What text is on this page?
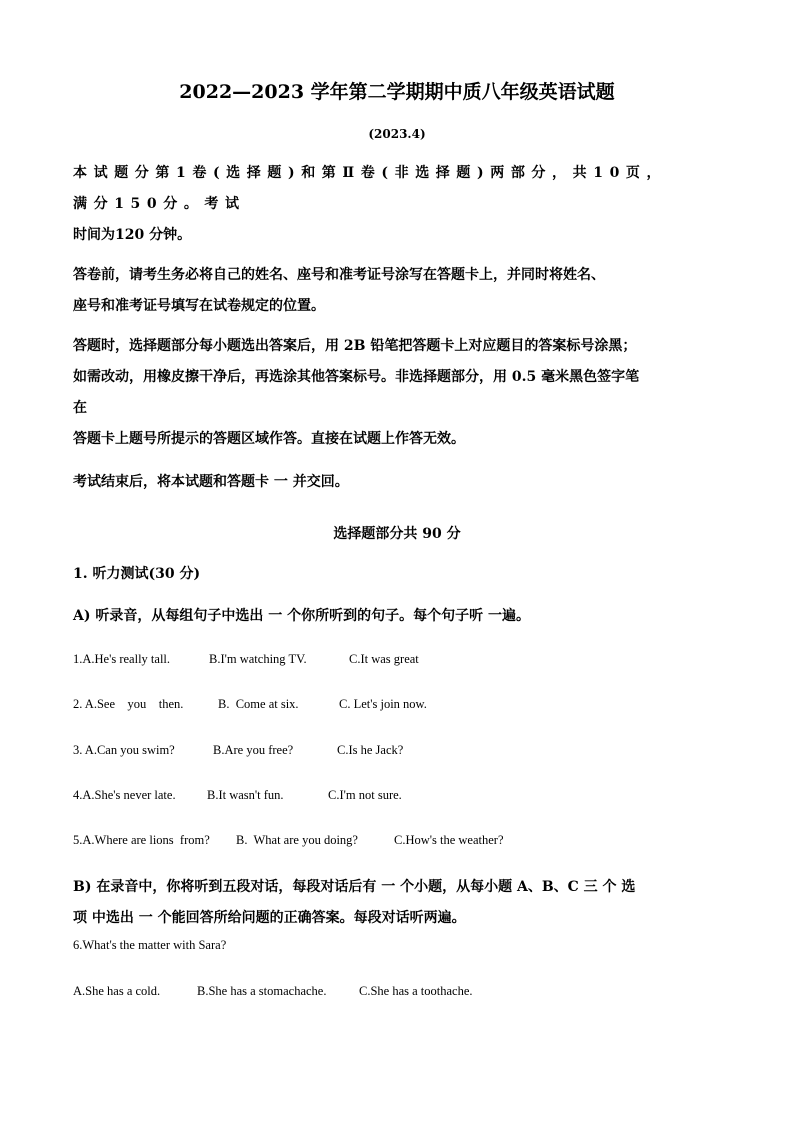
2022—2023 学年第二学期期中质八年级英语试题
(2023.4)
本试题分第1卷(选择题)和第Ⅱ卷(非选择题)两部分，共10页，
满分150分。考试
时间为120 分钟。
答卷前，请考生务必将自己的姓名、座号和准考证号涂写在答题卡上，并同时将姓名、
座号和准考证号填写在试卷规定的位置。
答题时，选择题部分每小题选出答案后，用 2B 铅笔把答题卡上对应题目的答案标号涂黑；
如需改动，用橡皮擦干净后，再选涂其他答案标号。非选择题部分，用 0.5 毫米黑色签字笔
在
答题卡上题号所提示的答题区域作答。直接在试题上作答无效。
考试结束后，将本试题和答题卡 一 并交回。
选择题部分共 90 分
1. 听力测试(30 分)
A) 听录音，从每组句子中选出 一 个你所听到的句子。每个句子听 一遍。
1.A.He's really tall.	B.I'm watching TV.	C.It was great
2. A.See    you    then.	B.  Come at six.	C. Let's join now.
3. A.Can you swim?	B.Are you free?	C.Is he Jack?
4.A.She's never late.	B.It wasn't fun.	C.I'm not sure.
5.A.Where are lions  from? B.  What are you doing?	C.How's the weather?
B) 在录音中，你将听到五段对话，每段对话后有 一 个小题，从每小题 A、B、C 三 个 选
项 中选出 一 个能回答所给问题的正确答案。每段对话听两遍。
6.What's the matter with Sara?
A.She has a cold.	B.She has a stomachache.	C.She has a toothache.
